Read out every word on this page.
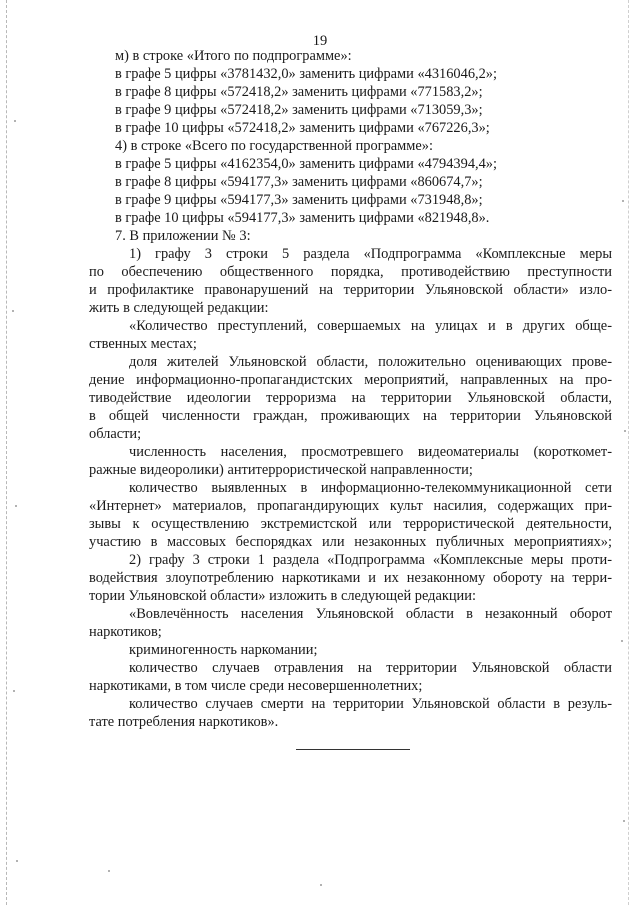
19
м) в строке «Итого по подпрограмме»:
в графе 5 цифры «3781432,0» заменить цифрами «4316046,2»;
в графе 8 цифры «572418,2» заменить цифрами «771583,2»;
в графе 9 цифры «572418,2» заменить цифрами «713059,3»;
в графе 10 цифры «572418,2» заменить цифрами «767226,3»;
4) в строке «Всего по государственной программе»:
в графе 5 цифры «4162354,0» заменить цифрами «4794394,4»;
в графе 8 цифры «594177,3» заменить цифрами «860674,7»;
в графе 9 цифры «594177,3» заменить цифрами «731948,8»;
в графе 10 цифры «594177,3» заменить цифрами «821948,8».
7. В приложении № 3:
1) графу 3 строки 5 раздела «Подпрограмма «Комплексные меры
по обеспечению общественного порядка, противодействию преступности
и профилактике правонарушений на территории Ульяновской области» изло-
жить в следующей редакции:
«Количество преступлений, совершаемых на улицах и в других обще-
ственных местах;
доля жителей Ульяновской области, положительно оценивающих прове-
дение информационно-пропагандистских мероприятий, направленных на про-
тиводействие идеологии терроризма на территории Ульяновской области,
в общей численности граждан, проживающих на территории Ульяновской
области;
численность населения, просмотревшего видеоматериалы (короткомет-
ражные видеоролики) антитеррористической направленности;
количество выявленных в информационно-телекоммуникационной сети
«Интернет» материалов, пропагандирующих культ насилия, содержащих при-
зывы к осуществлению экстремистской или террористической деятельности,
участию в массовых беспорядках или незаконных публичных мероприятиях»;
2) графу 3 строки 1 раздела «Подпрограмма «Комплексные меры проти-
водействия злоупотреблению наркотиками и их незаконному обороту на терри-
тории Ульяновской области» изложить в следующей редакции:
«Вовлечённость населения Ульяновской области в незаконный оборот
наркотиков;
криминогенность наркомании;
количество случаев отравления на территории Ульяновской области
наркотиками, в том числе среди несовершеннолетних;
количество случаев смерти на территории Ульяновской области в резуль-
тате потребления наркотиков».
